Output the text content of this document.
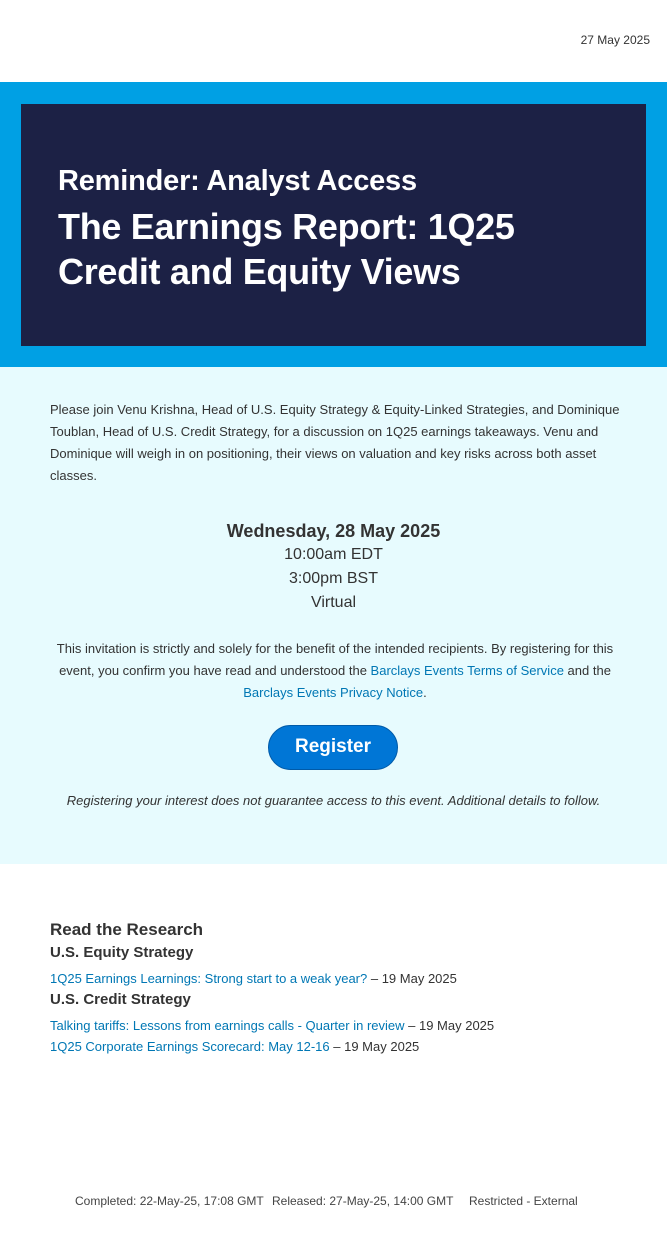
27 May 2025

Reminder: Analyst Access

The Earnings Report: 1Q25
Credit and Equity Views

Please join Venu Krishna, Head of U.S. Equity Strategy & Equity-Linked Strategies, and Dominique Toublan, Head of U.S. Credit Strategy, for a discussion on 1Q25 earnings takeaways. Venu and Dominique will weigh in on positioning, their views on valuation and key risks across both asset classes.

Wednesday, 28 May 2025
10:00am EDT
3:00pm BST
Virtual

This invitation is strictly and solely for the benefit of the intended recipients. By registering for this event, you confirm you have read and understood the Barclays Events Terms of Service and the Barclays Events Privacy Notice.

Register

Registering your interest does not guarantee access to this event. Additional details to follow.

Read the Research
U.S. Equity Strategy
1Q25 Earnings Learnings: Strong start to a weak year? – 19 May 2025
U.S. Credit Strategy
Talking tariffs: Lessons from earnings calls - Quarter in review – 19 May 2025
1Q25 Corporate Earnings Scorecard: May 12-16 – 19 May 2025
Completed: 22-May-25, 17:08 GMT Released: 27-May-25, 14:00 GMT Restricted - External
